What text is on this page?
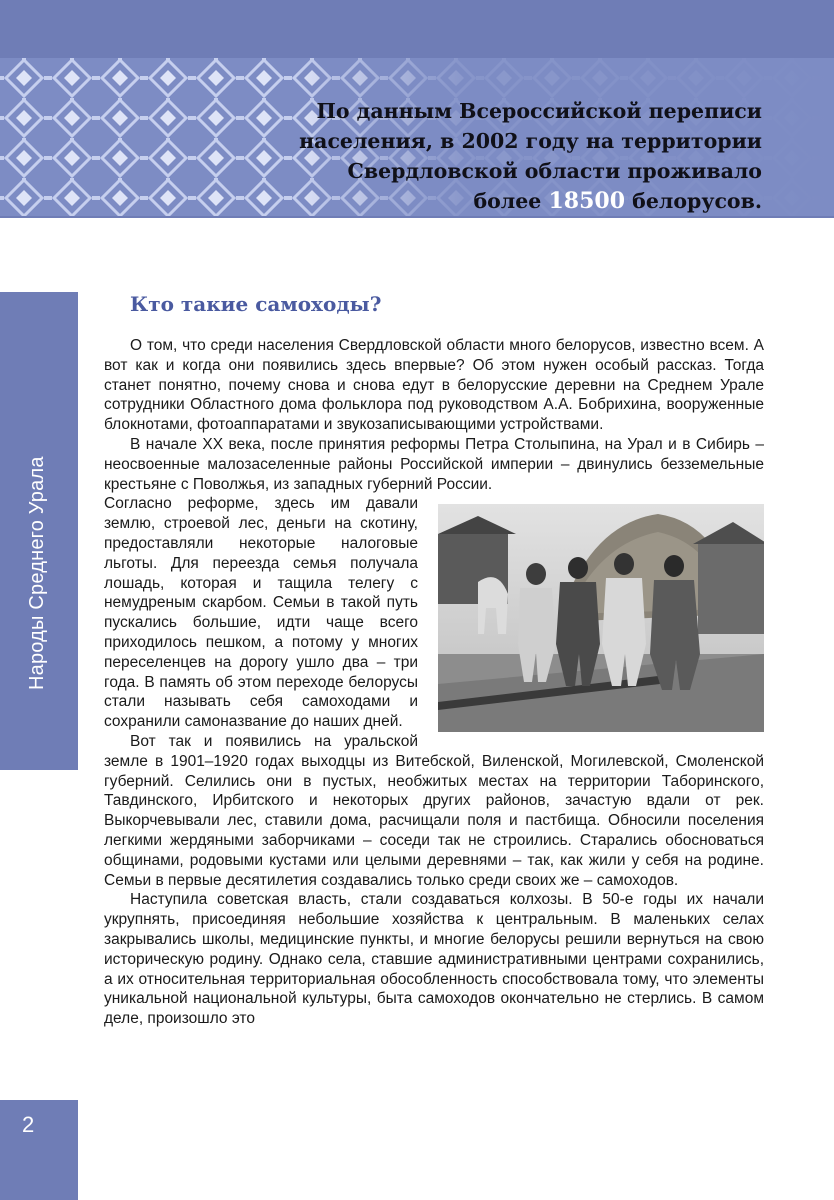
По данным Всероссийской переписи
населения, в 2002 году на территории
Свердловской области проживало
более 18500 белорусов.
Народы Среднего Урала
2
Кто такие самоходы?

О том, что среди населения Свердловской области много белорусов, известно всем. А вот как и когда они появились здесь впервые? Об этом нужен особый рассказ. Тогда станет понятно, почему снова и снова едут в белорусские деревни на Среднем Урале сотрудники Областного дома фольклора под руководством А.А. Бобрихина, вооруженные блокнотами, фотоаппаратами и звукозаписывающими устройствами.

В начале XX века, после принятия реформы Петра Столыпина, на Урал и в Сибирь – неосвоенные малозаселенные районы Российской империи – двинулись безземельные крестьяне с Поволжья, из западных губерний России.

Согласно реформе, здесь им давали землю, строевой лес, деньги на скотину, предоставляли некоторые налоговые льготы. Для переезда семья получала лошадь, которая и тащила телегу с немудреным скарбом. Семьи в такой путь пускались большие, идти чаще всего приходилось пешком, а потому у многих переселенцев на дорогу ушло два – три года. В память об этом переходе белорусы стали называть себя самоходами и сохранили самоназвание до наших дней.

Вот так и появились на уральской земле в 1901–1920 годах выходцы из Витебской, Виленской, Могилевской, Смоленской губерний. Селились они в пустых, необжитых местах на территории Таборинского, Тавдинского, Ирбитского и некоторых других районов, зачастую вдали от рек. Выкорчевывали лес, ставили дома, расчищали поля и пастбища. Обносили поселения легкими жердяными заборчиками – соседи так не строились. Старались обосноваться общинами, родовыми кустами или целыми деревнями – так, как жили у себя на родине. Семьи в первые десятилетия создавались только среди своих же – самоходов.

Наступила советская власть, стали создаваться колхозы. В 50-е годы их начали укрупнять, присоединяя небольшие хозяйства к центральным. В маленьких селах закрывались школы, медицинские пункты, и многие белорусы решили вернуться на свою историческую родину. Однако села, ставшие административными центрами сохранились, а их относительная территориальная обособленность способствовала тому, что элементы уникальной национальной культуры, быта самоходов окончательно не стерлись. В самом деле, произошло это
